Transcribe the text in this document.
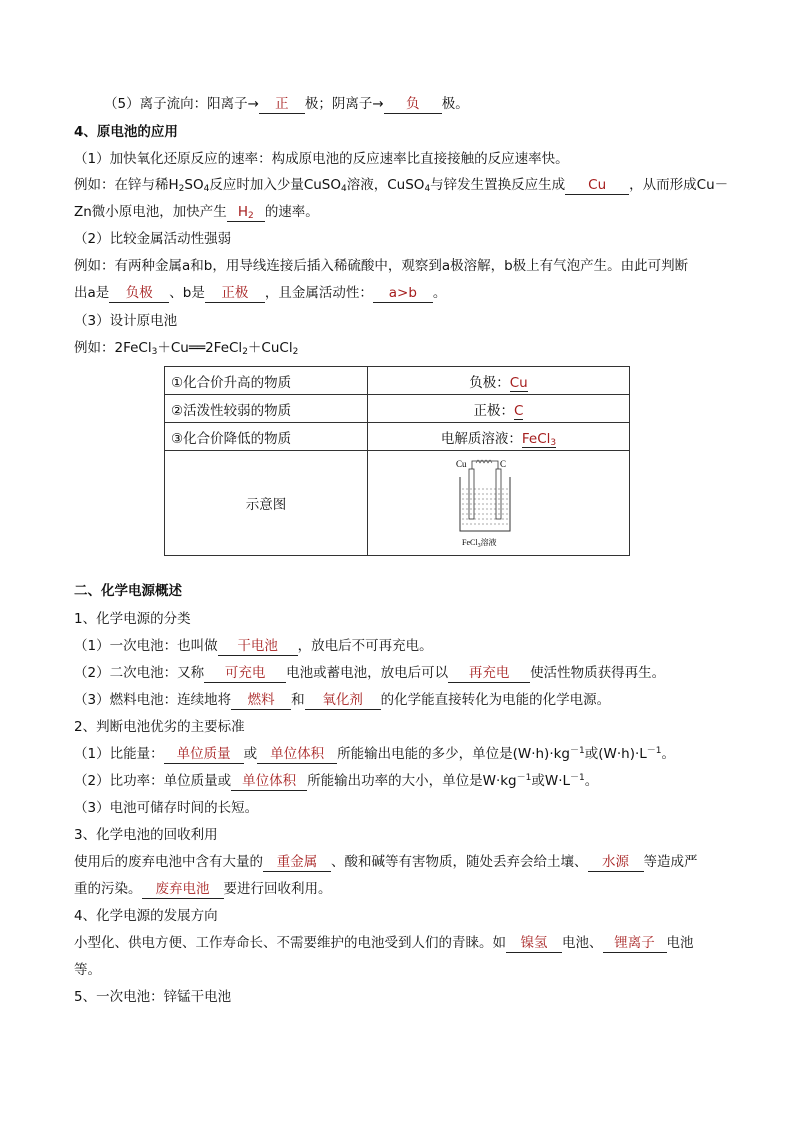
（5）离子流向：阳离子→ 正 极；阴离子→ 负 极。
4、原电池的应用
（1）加快氧化还原反应的速率：构成原电池的反应速率比直接接触的反应速率快。
例如：在锌与稀$H_2SO_4$反应时加入少量CuSO$_4$溶液，CuSO$_4$与锌发生置换反应生成 Cu ，从而形成Cu－
Zn微小原电池，加快产生 $H_2$ 的速率。
（2）比较金属活动性强弱
例如：有两种金属a和b，用导线连接后插入稀硫酸中，观察到a极溶解，b极上有气泡产生。由此可判断
出a是 负极 、b是 正极 ，且金属活动性： a>b 。
（3）设计原电池
例如：2FeCl$_3$＋Cu══2FeCl$_2$＋CuCl$_2$
①化合价升高的物质	负极：Cu
②活泼性较弱的物质	正极：C
③化合价降低的物质	电解质溶液：FeCl$_3$
示意图	Cu C
FeCl$_3$溶液
二、化学电源概述
1、化学电源的分类
（1）一次电池：也叫做 干电池 ，放电后不可再充电。
（2）二次电池：又称 可充电 电池或蓄电池，放电后可以 再充电 使活性物质获得再生。
（3）燃料电池：连续地将 燃料 和 氧化剂 的化学能直接转化为电能的化学电源。
2、判断电池优劣的主要标准
（1）比能量： 单位质量 或 单位体积 所能输出电能的多少，单位是$(W\cdot h)\cdot kg^{-1}$或$(W\cdot h)\cdot L^{-1}$。
（2）比功率：单位质量或 单位体积 所能输出功率的大小，单位是$W\cdot kg^{-1}$或$W\cdot L^{-1}$。
（3）电池可储存时间的长短。
3、化学电池的回收利用
使用后的废弃电池中含有大量的 重金属 、酸和碱等有害物质，随处丢弃会给土壤、 水源 等造成严
重的污染。 废弃电池 要进行回收利用。
4、化学电源的发展方向
小型化、供电方便、工作寿命长、不需要维护的电池受到人们的青睐。如 镍氢 电池、 锂离子 电池
等。
5、一次电池：锌锰干电池
